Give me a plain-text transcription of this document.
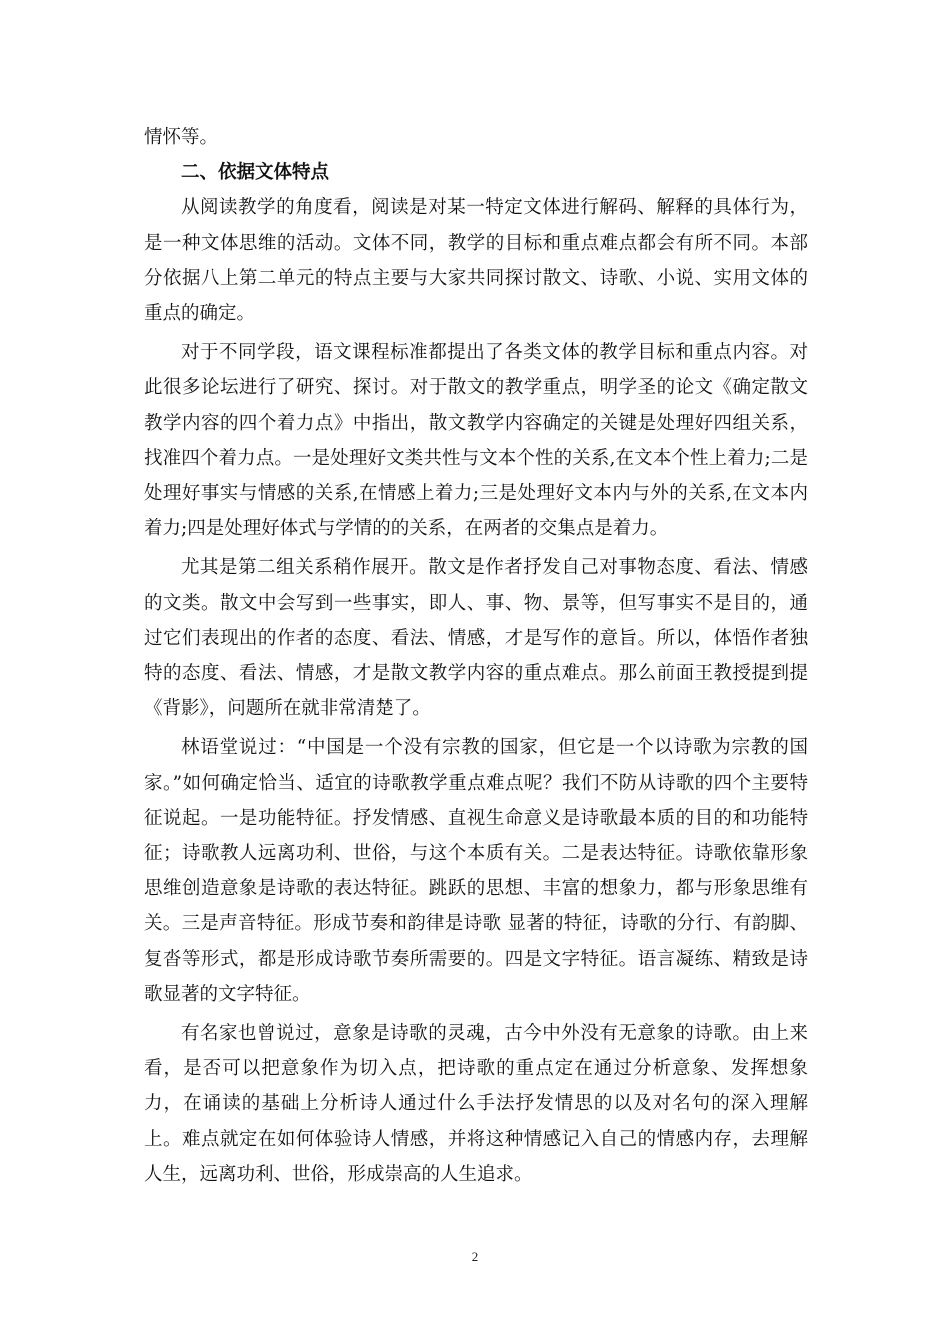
情怀等。

二、依据文体特点

从阅读教学的角度看，阅读是对某一特定文体进行解码、解释的具体行为，是一种文体思维的活动。文体不同，教学的目标和重点难点都会有所不同。本部分依据八上第二单元的特点主要与大家共同探讨散文、诗歌、小说、实用文体的重点的确定。

对于不同学段，语文课程标准都提出了各类文体的教学目标和重点内容。对此很多论坛进行了研究、探讨。对于散文的教学重点，明学圣的论文《确定散文教学内容的四个着力点》中指出，散文教学内容确定的关键是处理好四组关系，找准四个着力点。一是处理好文类共性与文本个性的关系,在文本个性上着力;二是处理好事实与情感的关系,在情感上着力;三是处理好文本内与外的关系,在文本内着力;四是处理好体式与学情的的关系，在两者的交集点是着力。

尤其是第二组关系稍作展开。散文是作者抒发自己对事物态度、看法、情感的文类。散文中会写到一些事实，即人、事、物、景等，但写事实不是目的，通过它们表现出的作者的态度、看法、情感，才是写作的意旨。所以，体悟作者独特的态度、看法、情感，才是散文教学内容的重点难点。那么前面王教授提到提《背影》，问题所在就非常清楚了。

林语堂说过：“中国是一个没有宗教的国家，但它是一个以诗歌为宗教的国家。”如何确定恰当、适宜的诗歌教学重点难点呢？我们不防从诗歌的四个主要特征说起。一是功能特征。抒发情感、直视生命意义是诗歌最本质的目的和功能特征；诗歌教人远离功利、世俗，与这个本质有关。二是表达特征。诗歌依靠形象思维创造意象是诗歌的表达特征。跳跃的思想、丰富的想象力，都与形象思维有关。三是声音特征。形成节奏和韵律是诗歌 显著的特征，诗歌的分行、有韵脚、复沓等形式，都是形成诗歌节奏所需要的。四是文字特征。语言凝练、精致是诗歌显著的文字特征。

有名家也曾说过，意象是诗歌的灵魂，古今中外没有无意象的诗歌。由上来看，是否可以把意象作为切入点，把诗歌的重点定在通过分析意象、发挥想象力，在诵读的基础上分析诗人通过什么手法抒发情思的以及对名句的深入理解上。难点就定在如何体验诗人情感，并将这种情感记入自己的情感内存，去理解人生，远离功利、世俗，形成崇高的人生追求。

2
